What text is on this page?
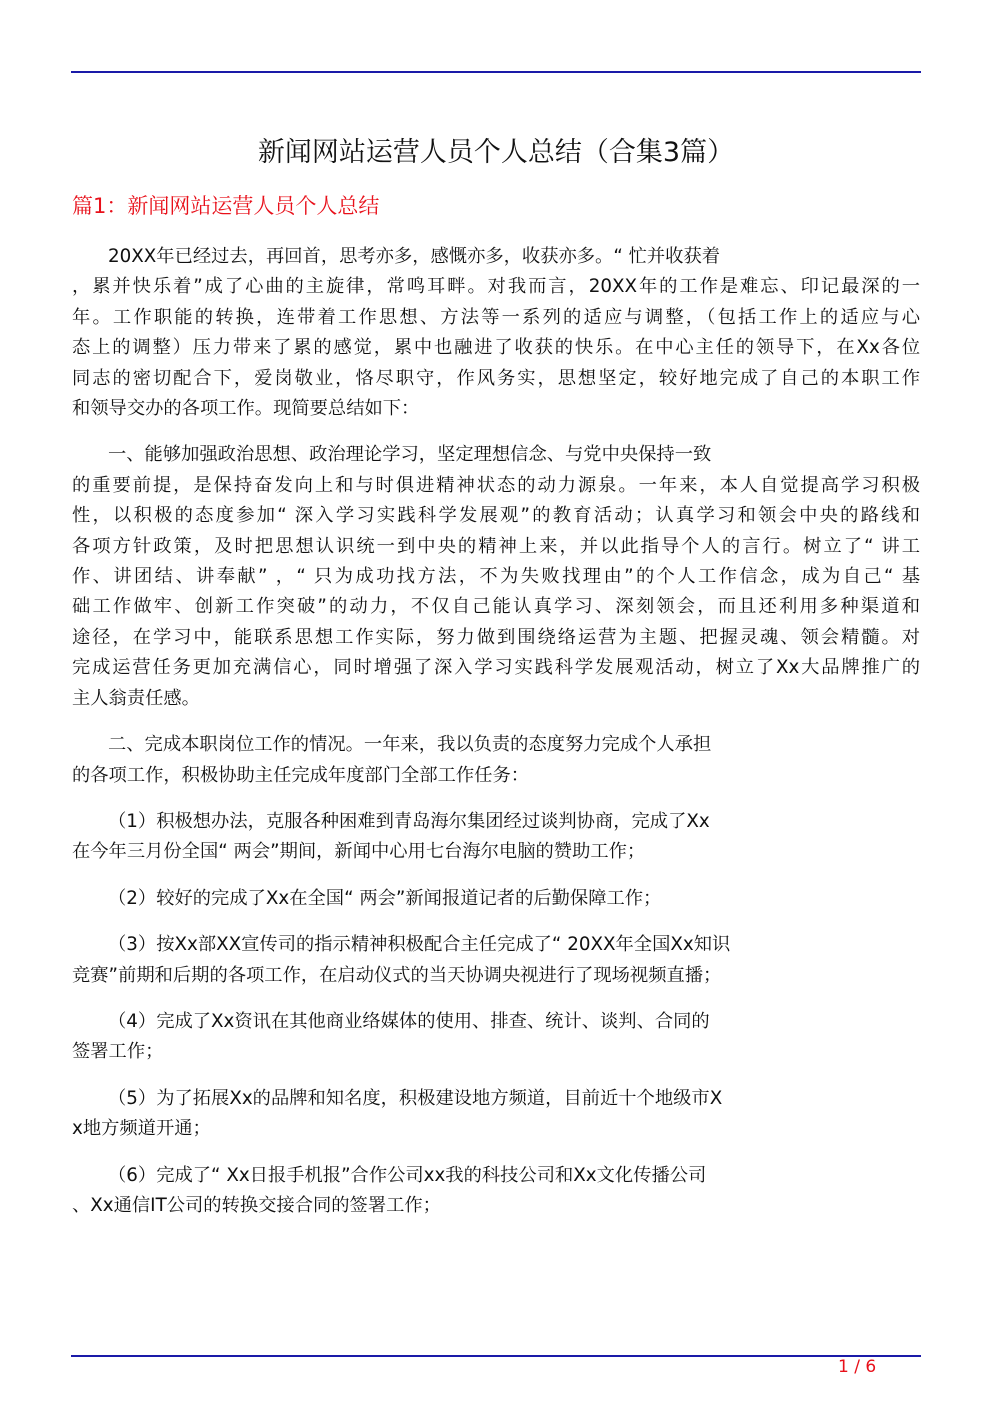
新闻网站运营人员个人总结（合集3篇）
篇1：新闻网站运营人员个人总结
20XX年已经过去，再回首，思考亦多，感慨亦多，收获亦多。“ 忙并收获着
，累并快乐着”成了心曲的主旋律，常鸣耳畔。对我而言，20XX年的工作是难忘、印记最深的一
年。工作职能的转换，连带着工作思想、方法等一系列的适应与调整，（包括工作上的适应与心
态上的调整）压力带来了累的感觉，累中也融进了收获的快乐。在中心主任的领导下，在Xx各位
同志的密切配合下，爱岗敬业，恪尽职守，作风务实，思想坚定，较好地完成了自己的本职工作
和领导交办的各项工作。现简要总结如下：
一、能够加强政治思想、政治理论学习，坚定理想信念、与党中央保持一致
的重要前提，是保持奋发向上和与时俱进精神状态的动力源泉。一年来，本人自觉提高学习积极
性，以积极的态度参加“ 深入学习实践科学发展观”的教育活动；认真学习和领会中央的路线和
各项方针政策，及时把思想认识统一到中央的精神上来，并以此指导个人的言行。树立了“ 讲工
作、讲团结、讲奉献” ，“ 只为成功找方法，不为失败找理由”的个人工作信念，成为自己“ 基
础工作做牢、创新工作突破”的动力，不仅自己能认真学习、深刻领会，而且还利用多种渠道和
途径，在学习中，能联系思想工作实际，努力做到围绕络运营为主题、把握灵魂、领会精髓。对
完成运营任务更加充满信心，同时增强了深入学习实践科学发展观活动，树立了Xx大品牌推广的
主人翁责任感。
二、完成本职岗位工作的情况。一年来，我以负责的态度努力完成个人承担
的各项工作，积极协助主任完成年度部门全部工作任务：
（1）积极想办法，克服各种困难到青岛海尔集团经过谈判协商，完成了Xx
在今年三月份全国“ 两会”期间，新闻中心用七台海尔电脑的赞助工作；
（2）较好的完成了Xx在全国“ 两会”新闻报道记者的后勤保障工作；
（3）按Xx部XX宣传司的指示精神积极配合主任完成了“ 20XX年全国Xx知识
竞赛”前期和后期的各项工作，在启动仪式的当天协调央视进行了现场视频直播；
（4）完成了Xx资讯在其他商业络媒体的使用、排查、统计、谈判、合同的
签署工作；
（5）为了拓展Xx的品牌和知名度，积极建设地方频道，目前近十个地级市X
x地方频道开通；
（6）完成了“ Xx日报手机报”合作公司xx我的科技公司和Xx文化传播公司
、Xx通信IT公司的转换交接合同的签署工作；
1 / 6
